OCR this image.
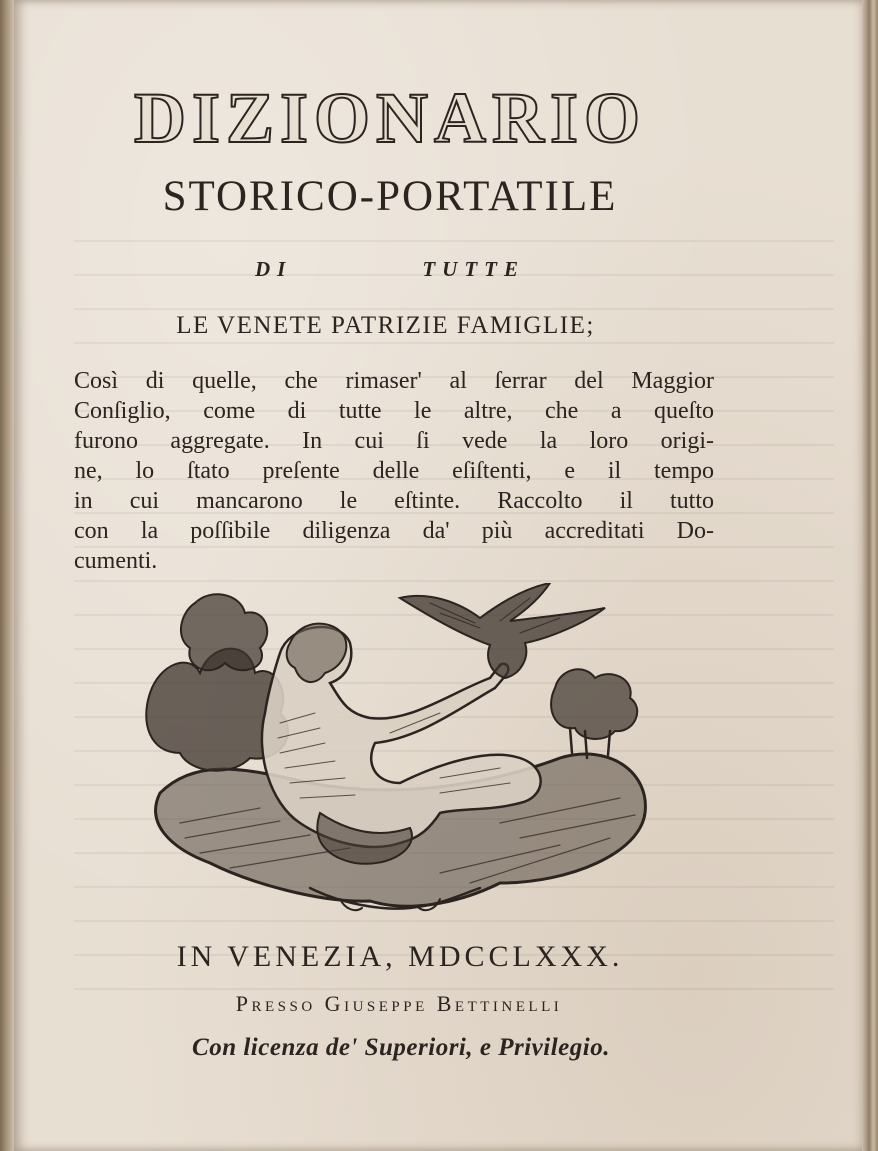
DIZIONARIO
STORICO-PORTATILE
DI	TUTTE
LE VENETE PATRIZIE FAMIGLIE;
Così di quelle, che rimaser' al ſerrar del Maggior
Conſiglio, come di tutte le altre, che a queſto
furono aggregate. In cui ſi vede la loro origi-
ne, lo ſtato preſente delle eſiſtenti, e il tempo
in cui mancarono le eſtinte. Raccolto il tutto
con la poſſibile diligenza da' più accreditati Do-
cumenti.
IN VENEZIA, MDCCLXXX.
Presso Giuseppe Bettinelli
Con licenza de' Superiori, e Privilegio.
